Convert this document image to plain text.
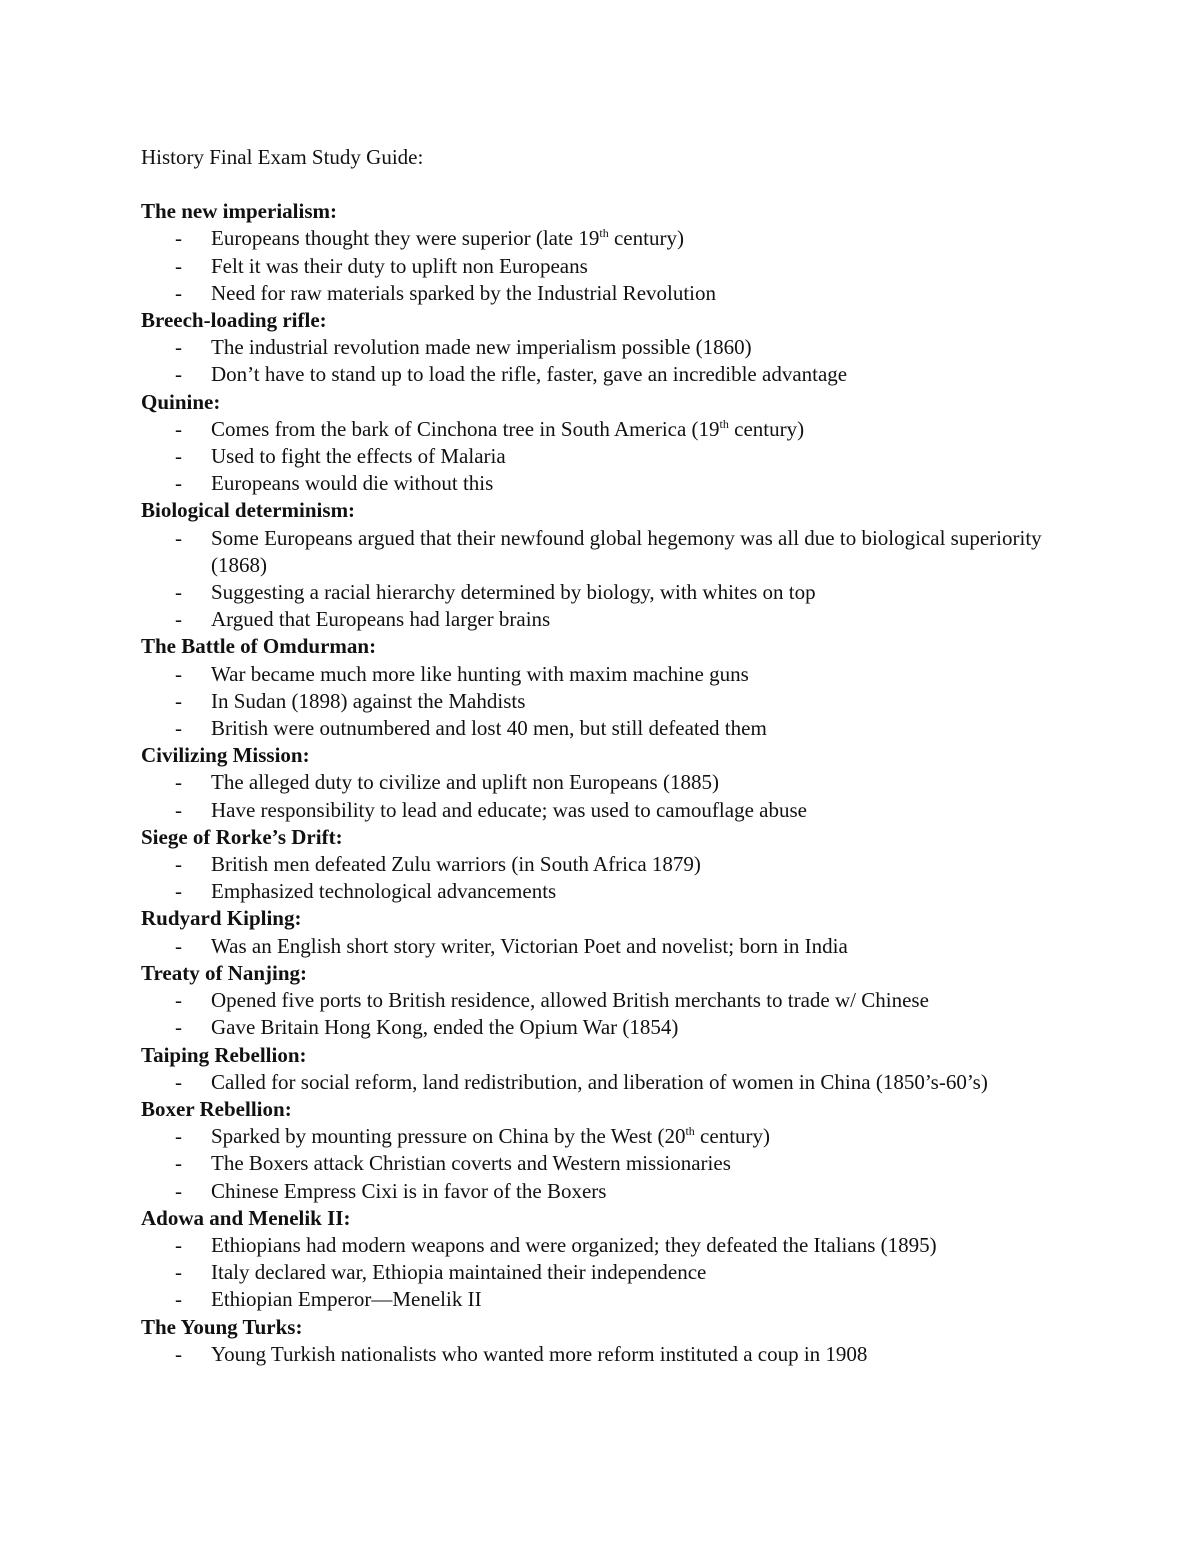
History Final Exam Study Guide:

The new imperialism:
- Europeans thought they were superior (late 19th century)
- Felt it was their duty to uplift non Europeans
- Need for raw materials sparked by the Industrial Revolution
Breech-loading rifle:
- The industrial revolution made new imperialism possible (1860)
- Don’t have to stand up to load the rifle, faster, gave an incredible advantage
Quinine:
- Comes from the bark of Cinchona tree in South America (19th century)
- Used to fight the effects of Malaria
- Europeans would die without this
Biological determinism:
- Some Europeans argued that their newfound global hegemony was all due to biological superiority (1868)
- Suggesting a racial hierarchy determined by biology, with whites on top
- Argued that Europeans had larger brains
The Battle of Omdurman:
- War became much more like hunting with maxim machine guns
- In Sudan (1898) against the Mahdists
- British were outnumbered and lost 40 men, but still defeated them
Civilizing Mission:
- The alleged duty to civilize and uplift non Europeans (1885)
- Have responsibility to lead and educate; was used to camouflage abuse
Siege of Rorke’s Drift:
- British men defeated Zulu warriors (in South Africa 1879)
- Emphasized technological advancements
Rudyard Kipling:
- Was an English short story writer, Victorian Poet and novelist; born in India
Treaty of Nanjing:
- Opened five ports to British residence, allowed British merchants to trade w/ Chinese
- Gave Britain Hong Kong, ended the Opium War (1854)
Taiping Rebellion:
- Called for social reform, land redistribution, and liberation of women in China (1850’s-60’s)
Boxer Rebellion:
- Sparked by mounting pressure on China by the West (20th century)
- The Boxers attack Christian coverts and Western missionaries
- Chinese Empress Cixi is in favor of the Boxers
Adowa and Menelik II:
- Ethiopians had modern weapons and were organized; they defeated the Italians (1895)
- Italy declared war, Ethiopia maintained their independence
- Ethiopian Emperor—Menelik II
The Young Turks:
- Young Turkish nationalists who wanted more reform instituted a coup in 1908
